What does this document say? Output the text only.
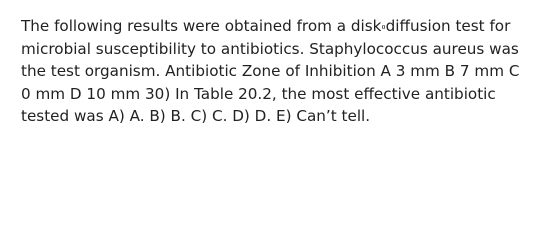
The following results were obtained from a disk⬞diffusion test for
microbial susceptibility to antibiotics. Staphylococcus aureus was
the test organism. Antibiotic Zone of Inhibition A 3 mm B 7 mm C
0 mm D 10 mm 30) In Table 20.2, the most effective antibiotic
tested was A) A. B) B. C) C. D) D. E) Canʼt tell.
